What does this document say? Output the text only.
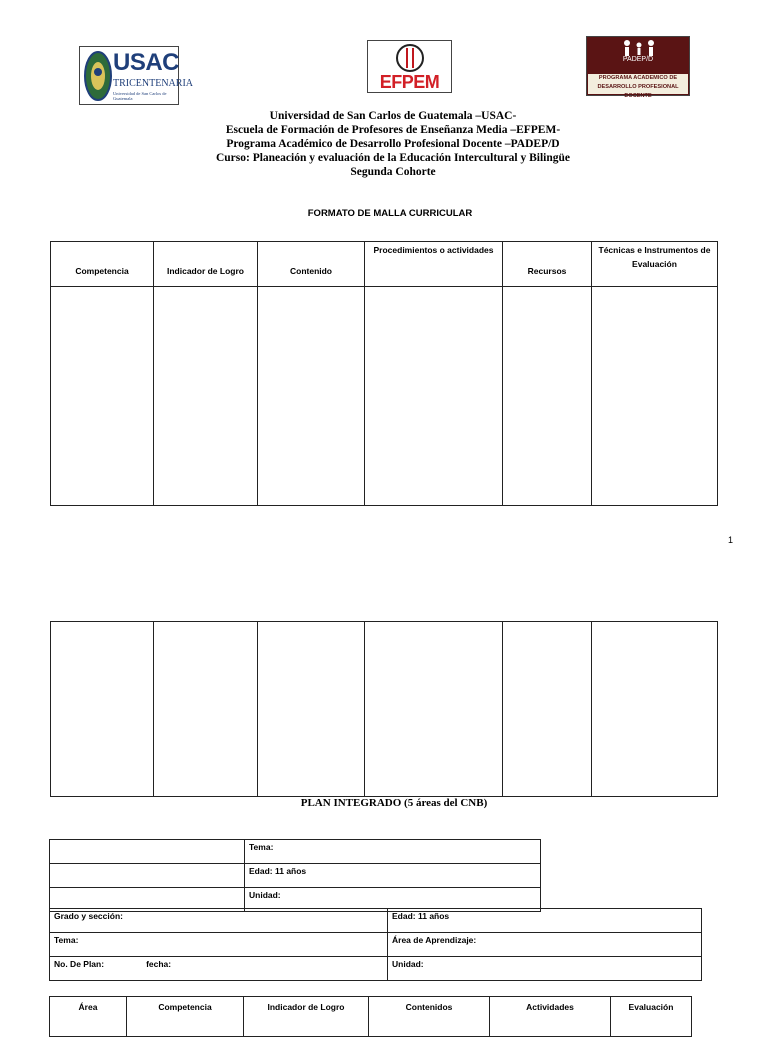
USAC
TRICENTENARIA
Universidad de San Carlos de Guatemala
EFPEM
PADEP/D
PROGRAMA ACADEMICO DE
DESARROLLO PROFESIONAL DOCENTE
Universidad de San Carlos de Guatemala –USAC-
Escuela de Formación de Profesores de Enseñanza Media –EFPEM-
Programa Académico de Desarrollo Profesional Docente –PADEP/D
Curso: Planeación y evaluación de la Educación Intercultural y Bilingüe
Segunda Cohorte
FORMATO DE MALLA CURRICULAR
Competencia	Indicador de Logro	Contenido	Procedimientos o actividades	Recursos	Técnicas e Instrumentos de Evaluación

1

PLAN INTEGRADO (5 áreas del CNB)
	Tema:
	Edad: 11 años
	Unidad:
Grado y sección:	Edad: 11 años
Tema:	Área de Aprendizaje:
No. De Plan: fecha:	Unidad:
Área	Competencia	Indicador de Logro	Contenidos	Actividades	Evaluación
